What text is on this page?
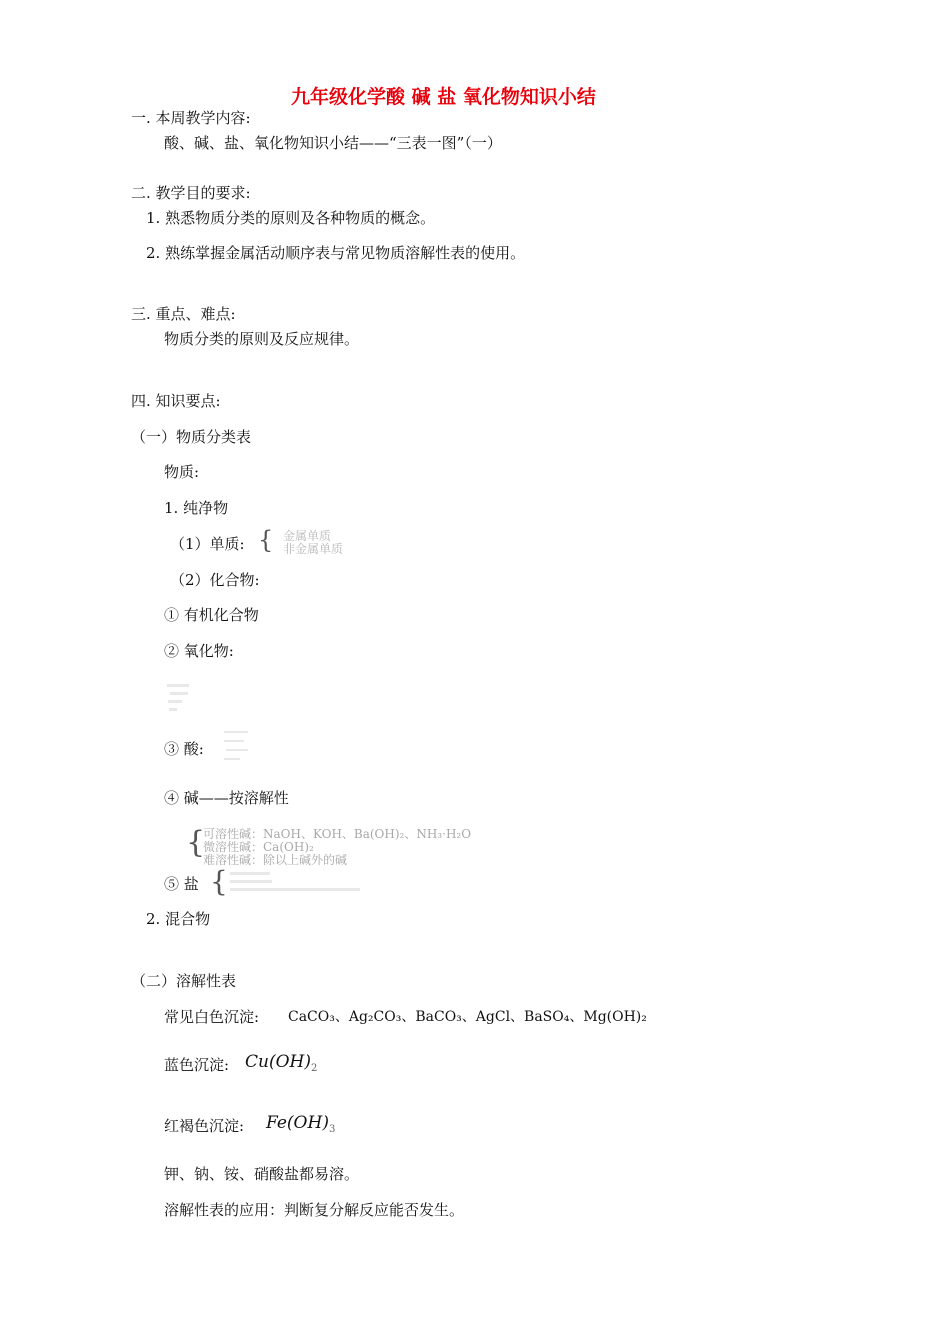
九年级化学酸 碱 盐 氧化物知识小结
一. 本周教学内容:
酸、碱、盐、氧化物知识小结——“三表一图”（一）
二. 教学目的要求:
1. 熟悉物质分类的原则及各种物质的概念。
2. 熟练掌握金属活动顺序表与常见物质溶解性表的使用。
三. 重点、难点:
物质分类的原则及反应规律。
四. 知识要点:
（一）物质分类表
物质:
1. 纯净物
（1）单质: { 金属单质
非金属单质
（2）化合物:
① 有机化合物
② 氧化物:
③ 酸:
④ 碱——按溶解性
{
可溶性碱：NaOH、KOH、Ba(OH)₂、NH₃·H₂O
微溶性碱：Ca(OH)₂
难溶性碱：除以上碱外的碱
⑤ 盐 {
2. 混合物
（二）溶解性表
常见白色沉淀: CaCO₃、Ag₂CO₃、BaCO₃、AgCl、BaSO₄、Mg(OH)₂
蓝色沉淀: $Cu(OH)_2$
红褐色沉淀: $Fe(OH)_3$
钾、钠、铵、硝酸盐都易溶。
溶解性表的应用：判断复分解反应能否发生。
